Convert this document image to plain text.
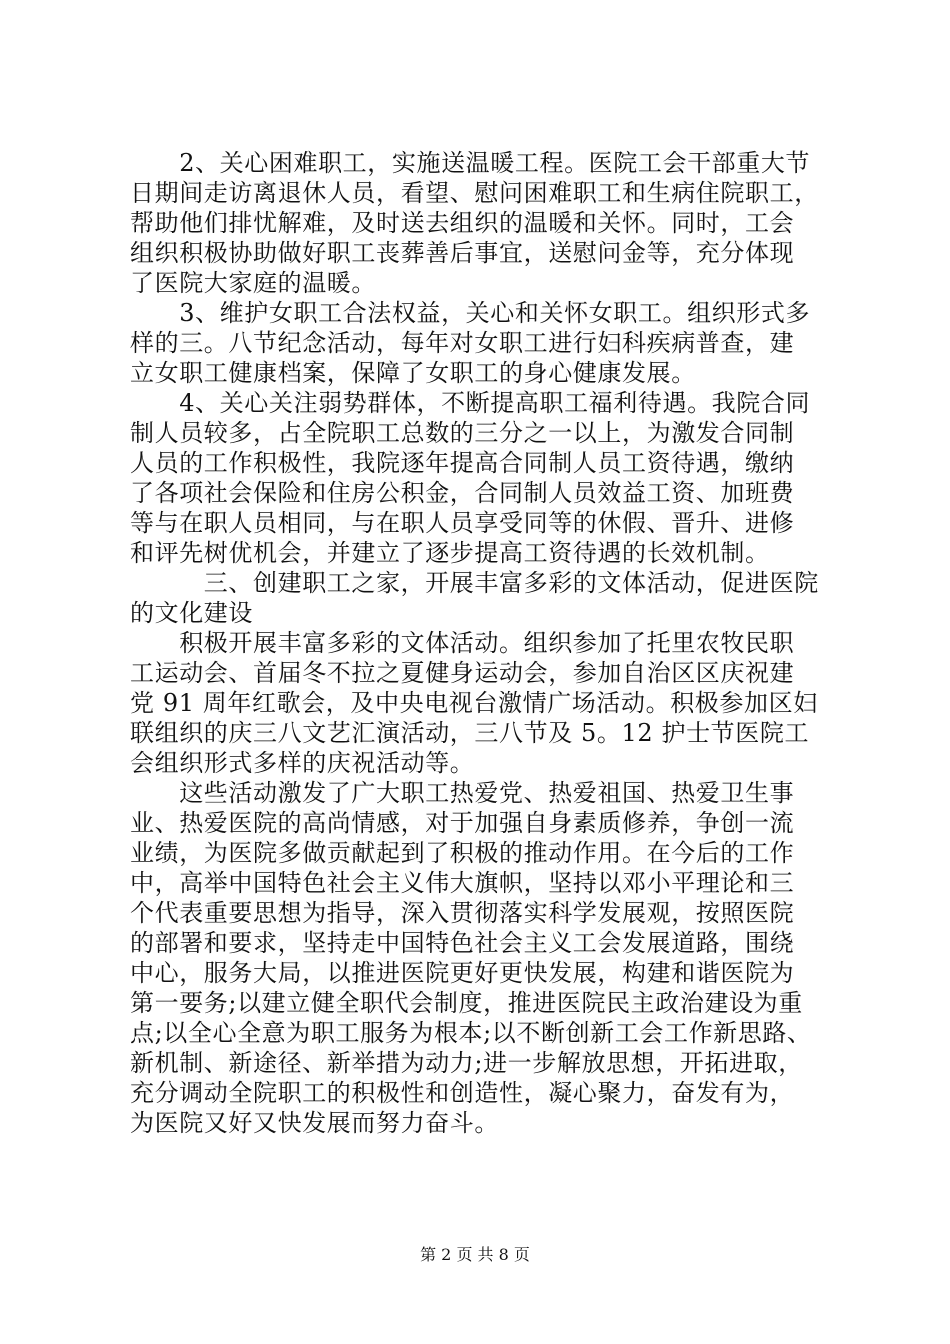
　　2、关心困难职工，实施送温暖工程。医院工会干部重大节
日期间走访离退休人员，看望、慰问困难职工和生病住院职工，
帮助他们排忧解难，及时送去组织的温暖和关怀。同时，工会
组织积极协助做好职工丧葬善后事宜，送慰问金等，充分体现
了医院大家庭的温暖。
　　3、维护女职工合法权益，关心和关怀女职工。组织形式多
样的三。八节纪念活动，每年对女职工进行妇科疾病普查，建
立女职工健康档案，保障了女职工的身心健康发展。
　　4、关心关注弱势群体，不断提高职工福利待遇。我院合同
制人员较多，占全院职工总数的三分之一以上，为激发合同制
人员的工作积极性，我院逐年提高合同制人员工资待遇，缴纳
了各项社会保险和住房公积金，合同制人员效益工资、加班费
等与在职人员相同，与在职人员享受同等的休假、晋升、进修
和评先树优机会，并建立了逐步提高工资待遇的长效机制。
　　　三、创建职工之家，开展丰富多彩的文体活动，促进医院
的文化建设
　　积极开展丰富多彩的文体活动。组织参加了托里农牧民职
工运动会、首届冬不拉之夏健身运动会，参加自治区区庆祝建
党 91 周年红歌会，及中央电视台激情广场活动。积极参加区妇
联组织的庆三八文艺汇演活动，三八节及 5。12 护士节医院工
会组织形式多样的庆祝活动等。
　　这些活动激发了广大职工热爱党、热爱祖国、热爱卫生事
业、热爱医院的高尚情感，对于加强自身素质修养，争创一流
业绩，为医院多做贡献起到了积极的推动作用。在今后的工作
中，高举中国特色社会主义伟大旗帜，坚持以邓小平理论和三
个代表重要思想为指导，深入贯彻落实科学发展观，按照医院
的部署和要求，坚持走中国特色社会主义工会发展道路，围绕
中心，服务大局，以推进医院更好更快发展，构建和谐医院为
第一要务;以建立健全职代会制度，推进医院民主政治建设为重
点;以全心全意为职工服务为根本;以不断创新工会工作新思路、
新机制、新途径、新举措为动力;进一步解放思想，开拓进取，
充分调动全院职工的积极性和创造性，凝心聚力，奋发有为，
为医院又好又快发展而努力奋斗。
第 2 页 共 8 页
